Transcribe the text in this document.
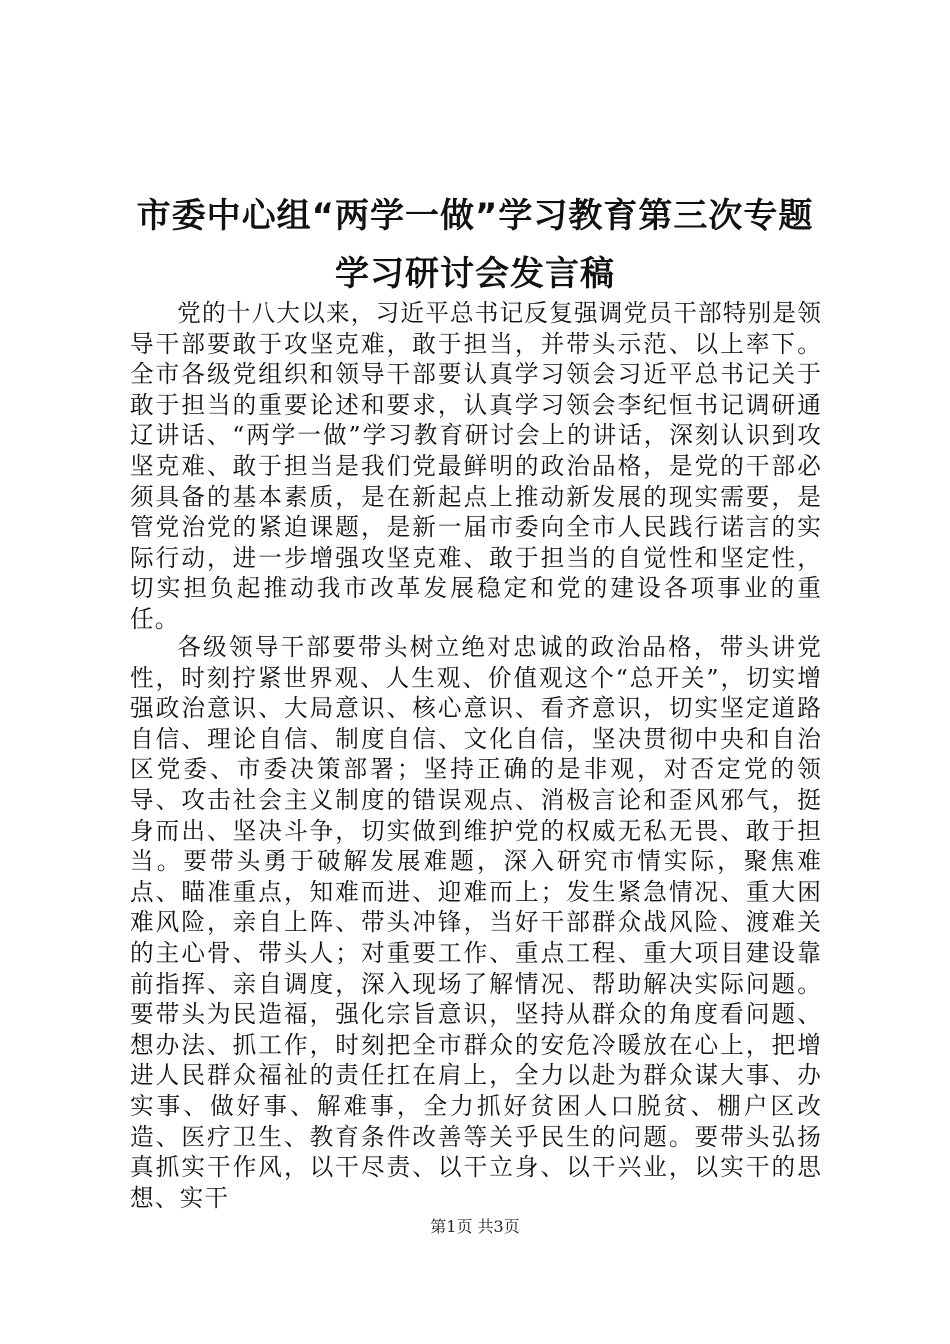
市委中心组“两学一做”学习教育第三次专题
学习研讨会发言稿

党的十八大以来，习近平总书记反复强调党员干部特别是领导干部要敢于攻坚克难，敢于担当，并带头示范、以上率下。全市各级党组织和领导干部要认真学习领会习近平总书记关于敢于担当的重要论述和要求，认真学习领会李纪恒书记调研通辽讲话、“两学一做”学习教育研讨会上的讲话，深刻认识到攻坚克难、敢于担当是我们党最鲜明的政治品格，是党的干部必须具备的基本素质，是在新起点上推动新发展的现实需要，是管党治党的紧迫课题，是新一届市委向全市人民践行诺言的实际行动，进一步增强攻坚克难、敢于担当的自觉性和坚定性，切实担负起推动我市改革发展稳定和党的建设各项事业的重任。

各级领导干部要带头树立绝对忠诚的政治品格，带头讲党性，时刻拧紧世界观、人生观、价值观这个“总开关”，切实增强政治意识、大局意识、核心意识、看齐意识，切实坚定道路自信、理论自信、制度自信、文化自信，坚决贯彻中央和自治区党委、市委决策部署；坚持正确的是非观，对否定党的领导、攻击社会主义制度的错误观点、消极言论和歪风邪气，挺身而出、坚决斗争，切实做到维护党的权威无私无畏、敢于担当。要带头勇于破解发展难题，深入研究市情实际，聚焦难点、瞄准重点，知难而进、迎难而上；发生紧急情况、重大困难风险，亲自上阵、带头冲锋，当好干部群众战风险、渡难关的主心骨、带头人；对重要工作、重点工程、重大项目建设靠前指挥、亲自调度，深入现场了解情况、帮助解决实际问题。要带头为民造福，强化宗旨意识，坚持从群众的角度看问题、想办法、抓工作，时刻把全市群众的安危冷暖放在心上，把增进人民群众福祉的责任扛在肩上，全力以赴为群众谋大事、办实事、做好事、解难事，全力抓好贫困人口脱贫、棚户区改造、医疗卫生、教育条件改善等关乎民生的问题。要带头弘扬真抓实干作风，以干尽责、以干立身、以干兴业，以实干的思想、实干

第1页 共3页
